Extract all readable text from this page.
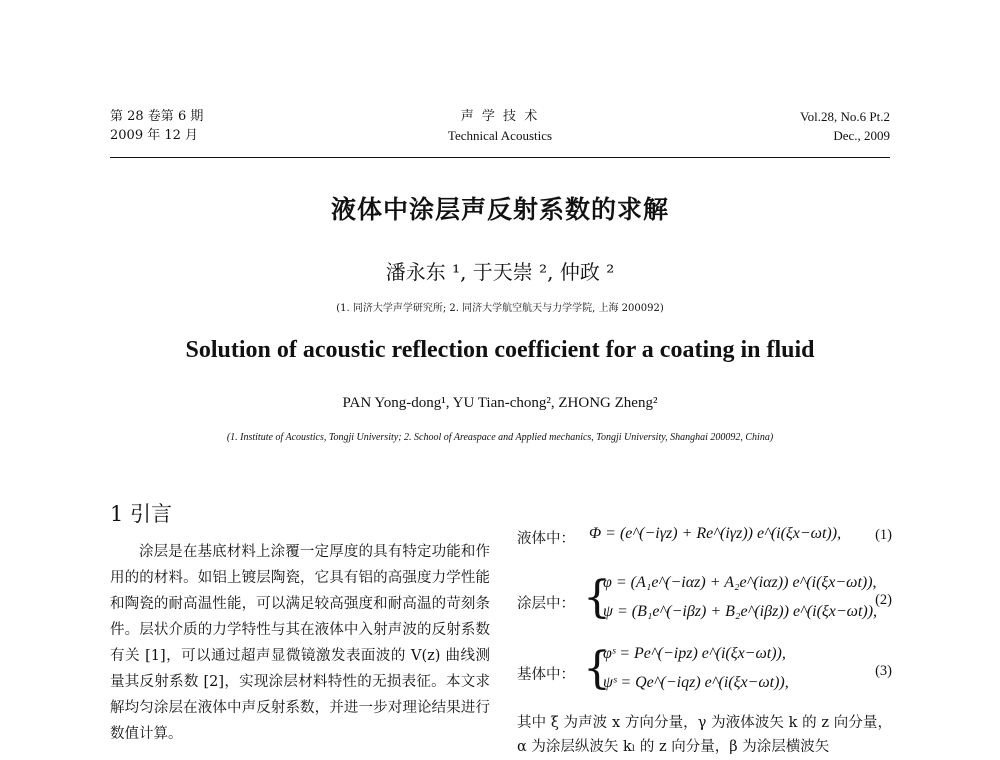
第 28 卷第 6 期
2009 年 12 月
声 学 技 术
Technical Acoustics
Vol.28, No.6 Pt.2
Dec., 2009
液体中涂层声反射系数的求解
潘永东 ¹, 于天崇 ², 仲政 ²
(1. 同济大学声学研究所; 2. 同济大学航空航天与力学学院, 上海 200092)
Solution of acoustic reflection coefficient for a coating in fluid
PAN Yong-dong¹, YU Tian-chong², ZHONG Zheng²
(1. Institute of Acoustics, Tongji University; 2. School of Areaspace and Applied mechanics, Tongji University, Shanghai 200092, China)
1 引言

涂层是在基底材料上涂覆一定厚度的具有特定功能和作用的的材料。如铝上镀层陶瓷，它具有铝的高强度力学性能和陶瓷的耐高温性能，可以满足较高强度和耐高温的苛刻条件。层状介质的力学特性与其在液体中入射声波的反射系数有关 [1]，可以通过超声显微镜激发表面波的 V(z) 曲线测量其反射系数 [2]，实现涂层材料特性的无损表征。本文求解均匀涂层在液体中声反射系数，并进一步对理论结果进行数值计算。

液体中： Φ = (e^(−iγz) + Re^(iγz)) e^(i(ξx−ωt)), (1)
涂层中： {
φ = (A₁e^(−iαz) + A₂e^(iαz)) e^(i(ξx−ωt)),
ψ = (B₁e^(−iβz) + B₂e^(iβz)) e^(i(ξx−ωt)),
(2)
基体中： {
φˢ = Pe^(−ipz) e^(i(ξx−ωt)),
ψˢ = Qe^(−iqz) e^(i(ξx−ωt)),
(3)

其中 ξ 为声波 x 方向分量，γ 为液体波矢 k 的 z 向分量，α 为涂层纵波矢 kₗ 的 z 向分量，β 为涂层横波矢
